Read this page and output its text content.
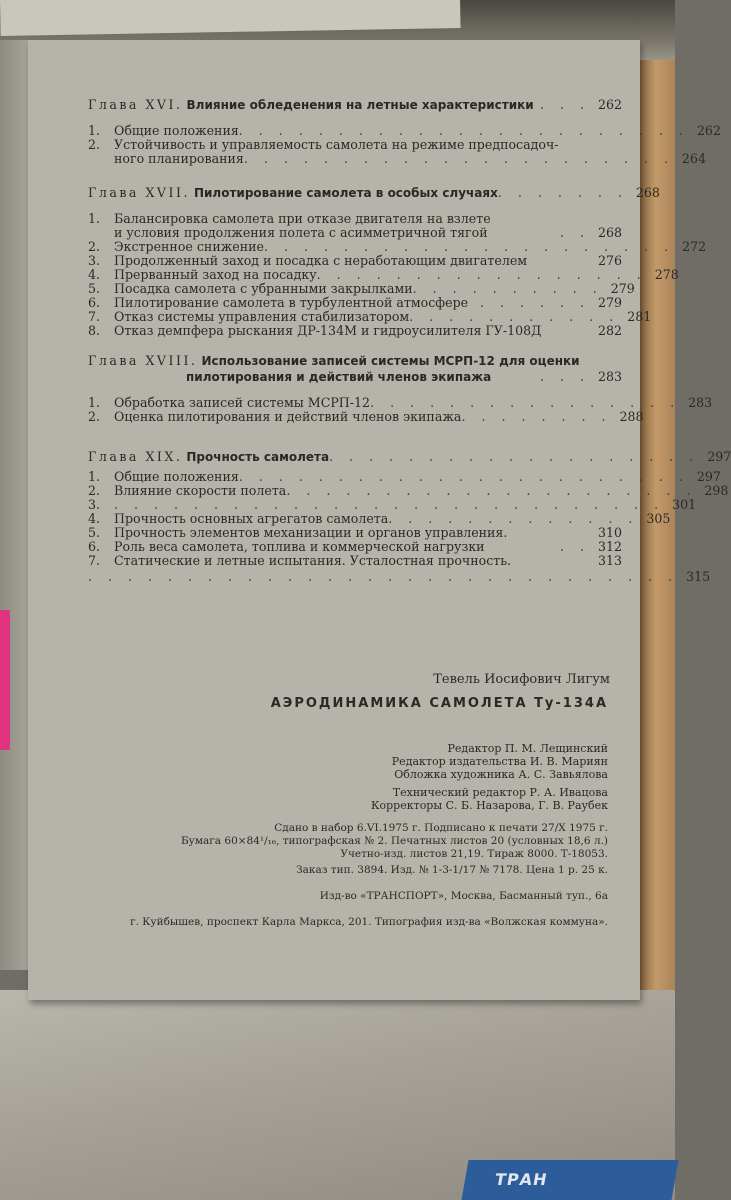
ТРАН
Глава XVI. Влияние обледенения на летные характеристики . . . 262
1.	Общие положения . . . . . . . . . . . . . . . . . . . . . . . 262
2.	Устойчивость и управляемость самолета на режиме предпосадоч-
ного планирования . . . . . . . . . . . . . . . . . . . . . . 264
Глава XVII. Пилотирование самолета в особых случаях . . . . . . . 268
1.	Балансировка самолета при отказе двигателя на взлете
и условия продолжения полета с асимметричной тягой	. . 268
2.	Экстренное снижение . . . . . . . . . . . . . . . . . . . . . 272
3.	Продолженный заход и посадка с неработающим двигателем	276
4.	Прерванный заход на посадку . . . . . . . . . . . . . . . . . 278
5.	Посадка самолета с убранными закрылками . . . . . . . . . . 279
6.	Пилотирование самолета в турбулентной атмосфере . . . . . . 279
7.	Отказ системы управления стабилизатором . . . . . . . . . . . 281
8.	Отказ демпфера рыскания ДР-134М и гидроусилителя ГУ-108Д	282
Глава XVIII. Использование записей системы МСРП-12 для оценки
пилотирования и действий членов экипажа	. . . 283
1.	Обработка записей системы МСРП-12 . . . . . . . . . . . . . . . . 283
2.	Оценка пилотирования и действий членов экипажа . . . . . . . . 288
Глава XIX. Прочность самолета . . . . . . . . . . . . . . . . . . . 297
1.	Общие положения . . . . . . . . . . . . . . . . . . . . . . . 297
2.	Влияние скорости полета . . . . . . . . . . . . . . . . . . . . . 298
3.	. . . . . . . . . . . . . . . . . . . . . . . . . . . . 301
4.	Прочность основных агрегатов самолета . . . . . . . . . . . . . 305
5.	Прочность элементов механизации и органов управления.	310
6.	Роль веса самолета, топлива и коммерческой нагрузки	. . 312
7.	Статические и летные испытания. Усталостная прочность.	313
. . . . . . . . . . . . . . . . . . . . . . . . . . . . . . 315
Тевель Иосифович Лигум
АЭРОДИНАМИКА САМОЛЕТА Ту-134А
Редактор П. М. Лещинский
Редактор издательства И. В. Мариян
Обложка художника А. С. Завьялова
Технический редактор Р. А. Ивацова
Корректоры С. Б. Назарова, Г. В. Раубек
Сдано в набор 6.VI.1975 г. Подписано к печати 27/X 1975 г.
Бумага 60×84¹/₁₆, типографская № 2. Печатных листов 20 (условных 18,6 л.)
Учетно-изд. листов 21,19. Тираж 8000. Т-18053.
Заказ тип. 3894. Изд. № 1-3-1/17 № 7178. Цена 1 р. 25 к.
Изд-во «ТРАНСПОРТ», Москва, Басманный туп., 6а
г. Куйбышев, проспект Карла Маркса, 201. Типография изд-ва «Волжская коммуна».
